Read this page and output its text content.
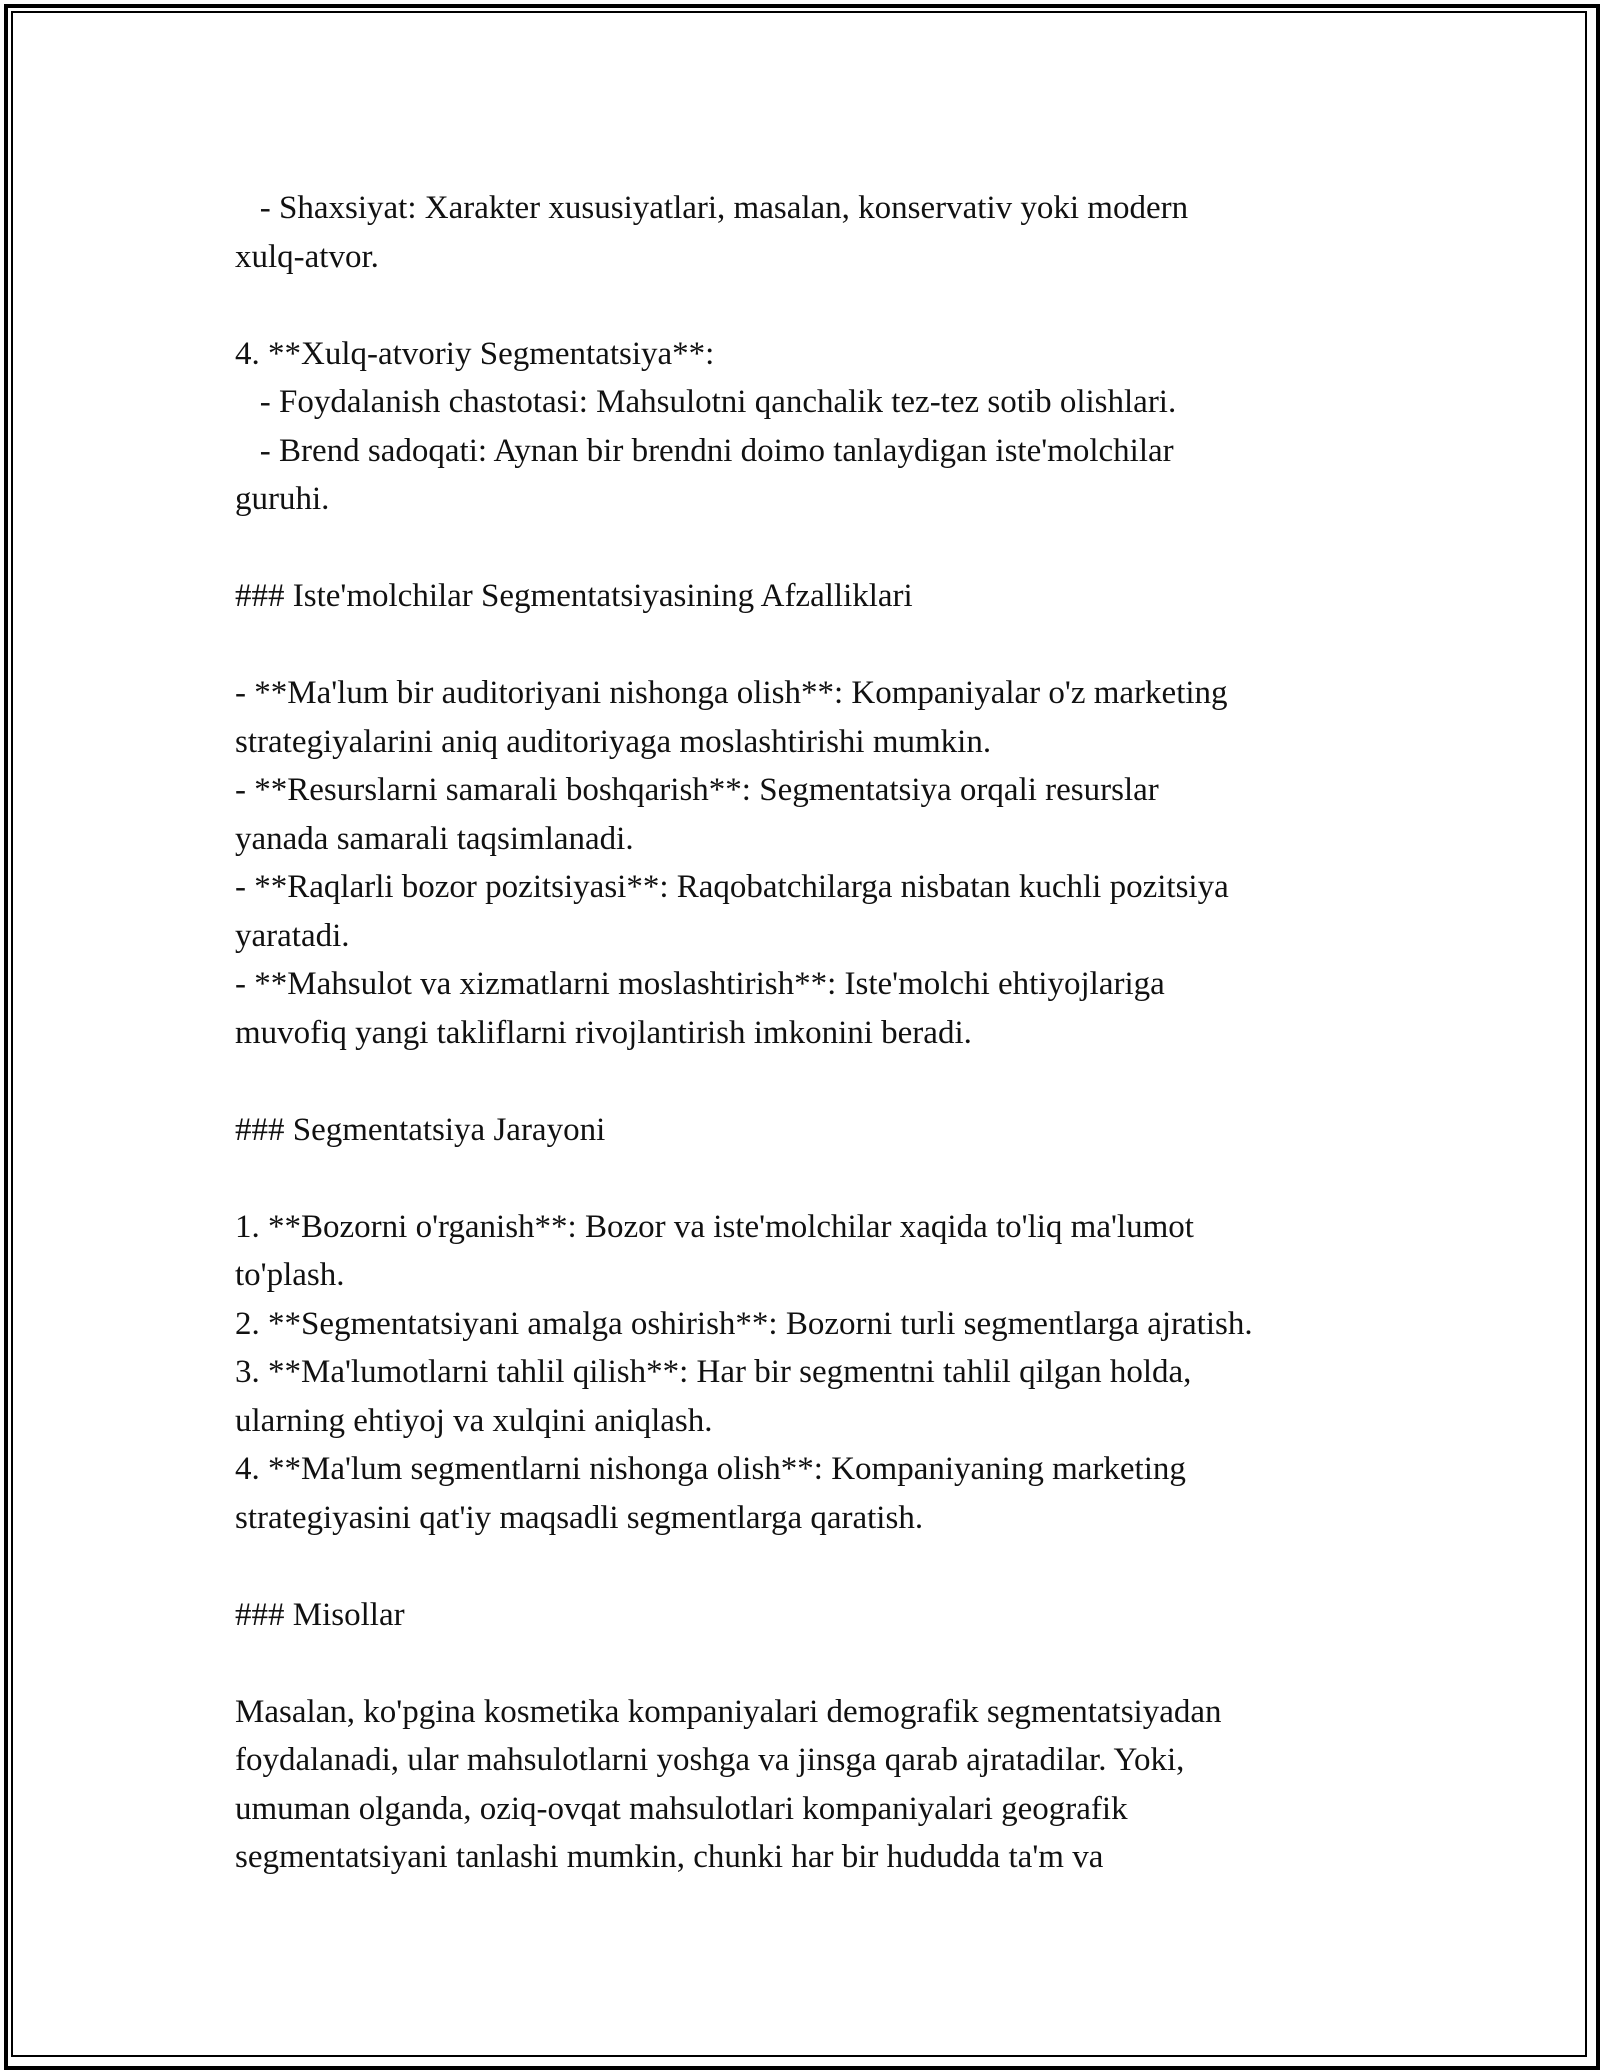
- Shaxsiyat: Xarakter xususiyatlari, masalan, konservativ yoki modern
xulq-atvor.
4. **Xulq-atvoriy Segmentatsiya**:
- Foydalanish chastotasi: Mahsulotni qanchalik tez-tez sotib olishlari.
- Brend sadoqati: Aynan bir brendni doimo tanlaydigan iste'molchilar
guruhi.
### Iste'molchilar Segmentatsiyasining Afzalliklari
- **Ma'lum bir auditoriyani nishonga olish**: Kompaniyalar o'z marketing
strategiyalarini aniq auditoriyaga moslashtirishi mumkin.
- **Resurslarni samarali boshqarish**: Segmentatsiya orqali resurslar
yanada samarali taqsimlanadi.
- **Raqlarli bozor pozitsiyasi**: Raqobatchilarga nisbatan kuchli pozitsiya
yaratadi.
- **Mahsulot va xizmatlarni moslashtirish**: Iste'molchi ehtiyojlariga
muvofiq yangi takliflarni rivojlantirish imkonini beradi.
### Segmentatsiya Jarayoni
1. **Bozorni o'rganish**: Bozor va iste'molchilar xaqida to'liq ma'lumot
to'plash.
2. **Segmentatsiyani amalga oshirish**: Bozorni turli segmentlarga ajratish.
3. **Ma'lumotlarni tahlil qilish**: Har bir segmentni tahlil qilgan holda,
ularning ehtiyoj va xulqini aniqlash.
4. **Ma'lum segmentlarni nishonga olish**: Kompaniyaning marketing
strategiyasini qat'iy maqsadli segmentlarga qaratish.
### Misollar
Masalan, ko'pgina kosmetika kompaniyalari demografik segmentatsiyadan
foydalanadi, ular mahsulotlarni yoshga va jinsga qarab ajratadilar. Yoki,
umuman olganda, oziq-ovqat mahsulotlari kompaniyalari geografik
segmentatsiyani tanlashi mumkin, chunki har bir hududda ta'm va
